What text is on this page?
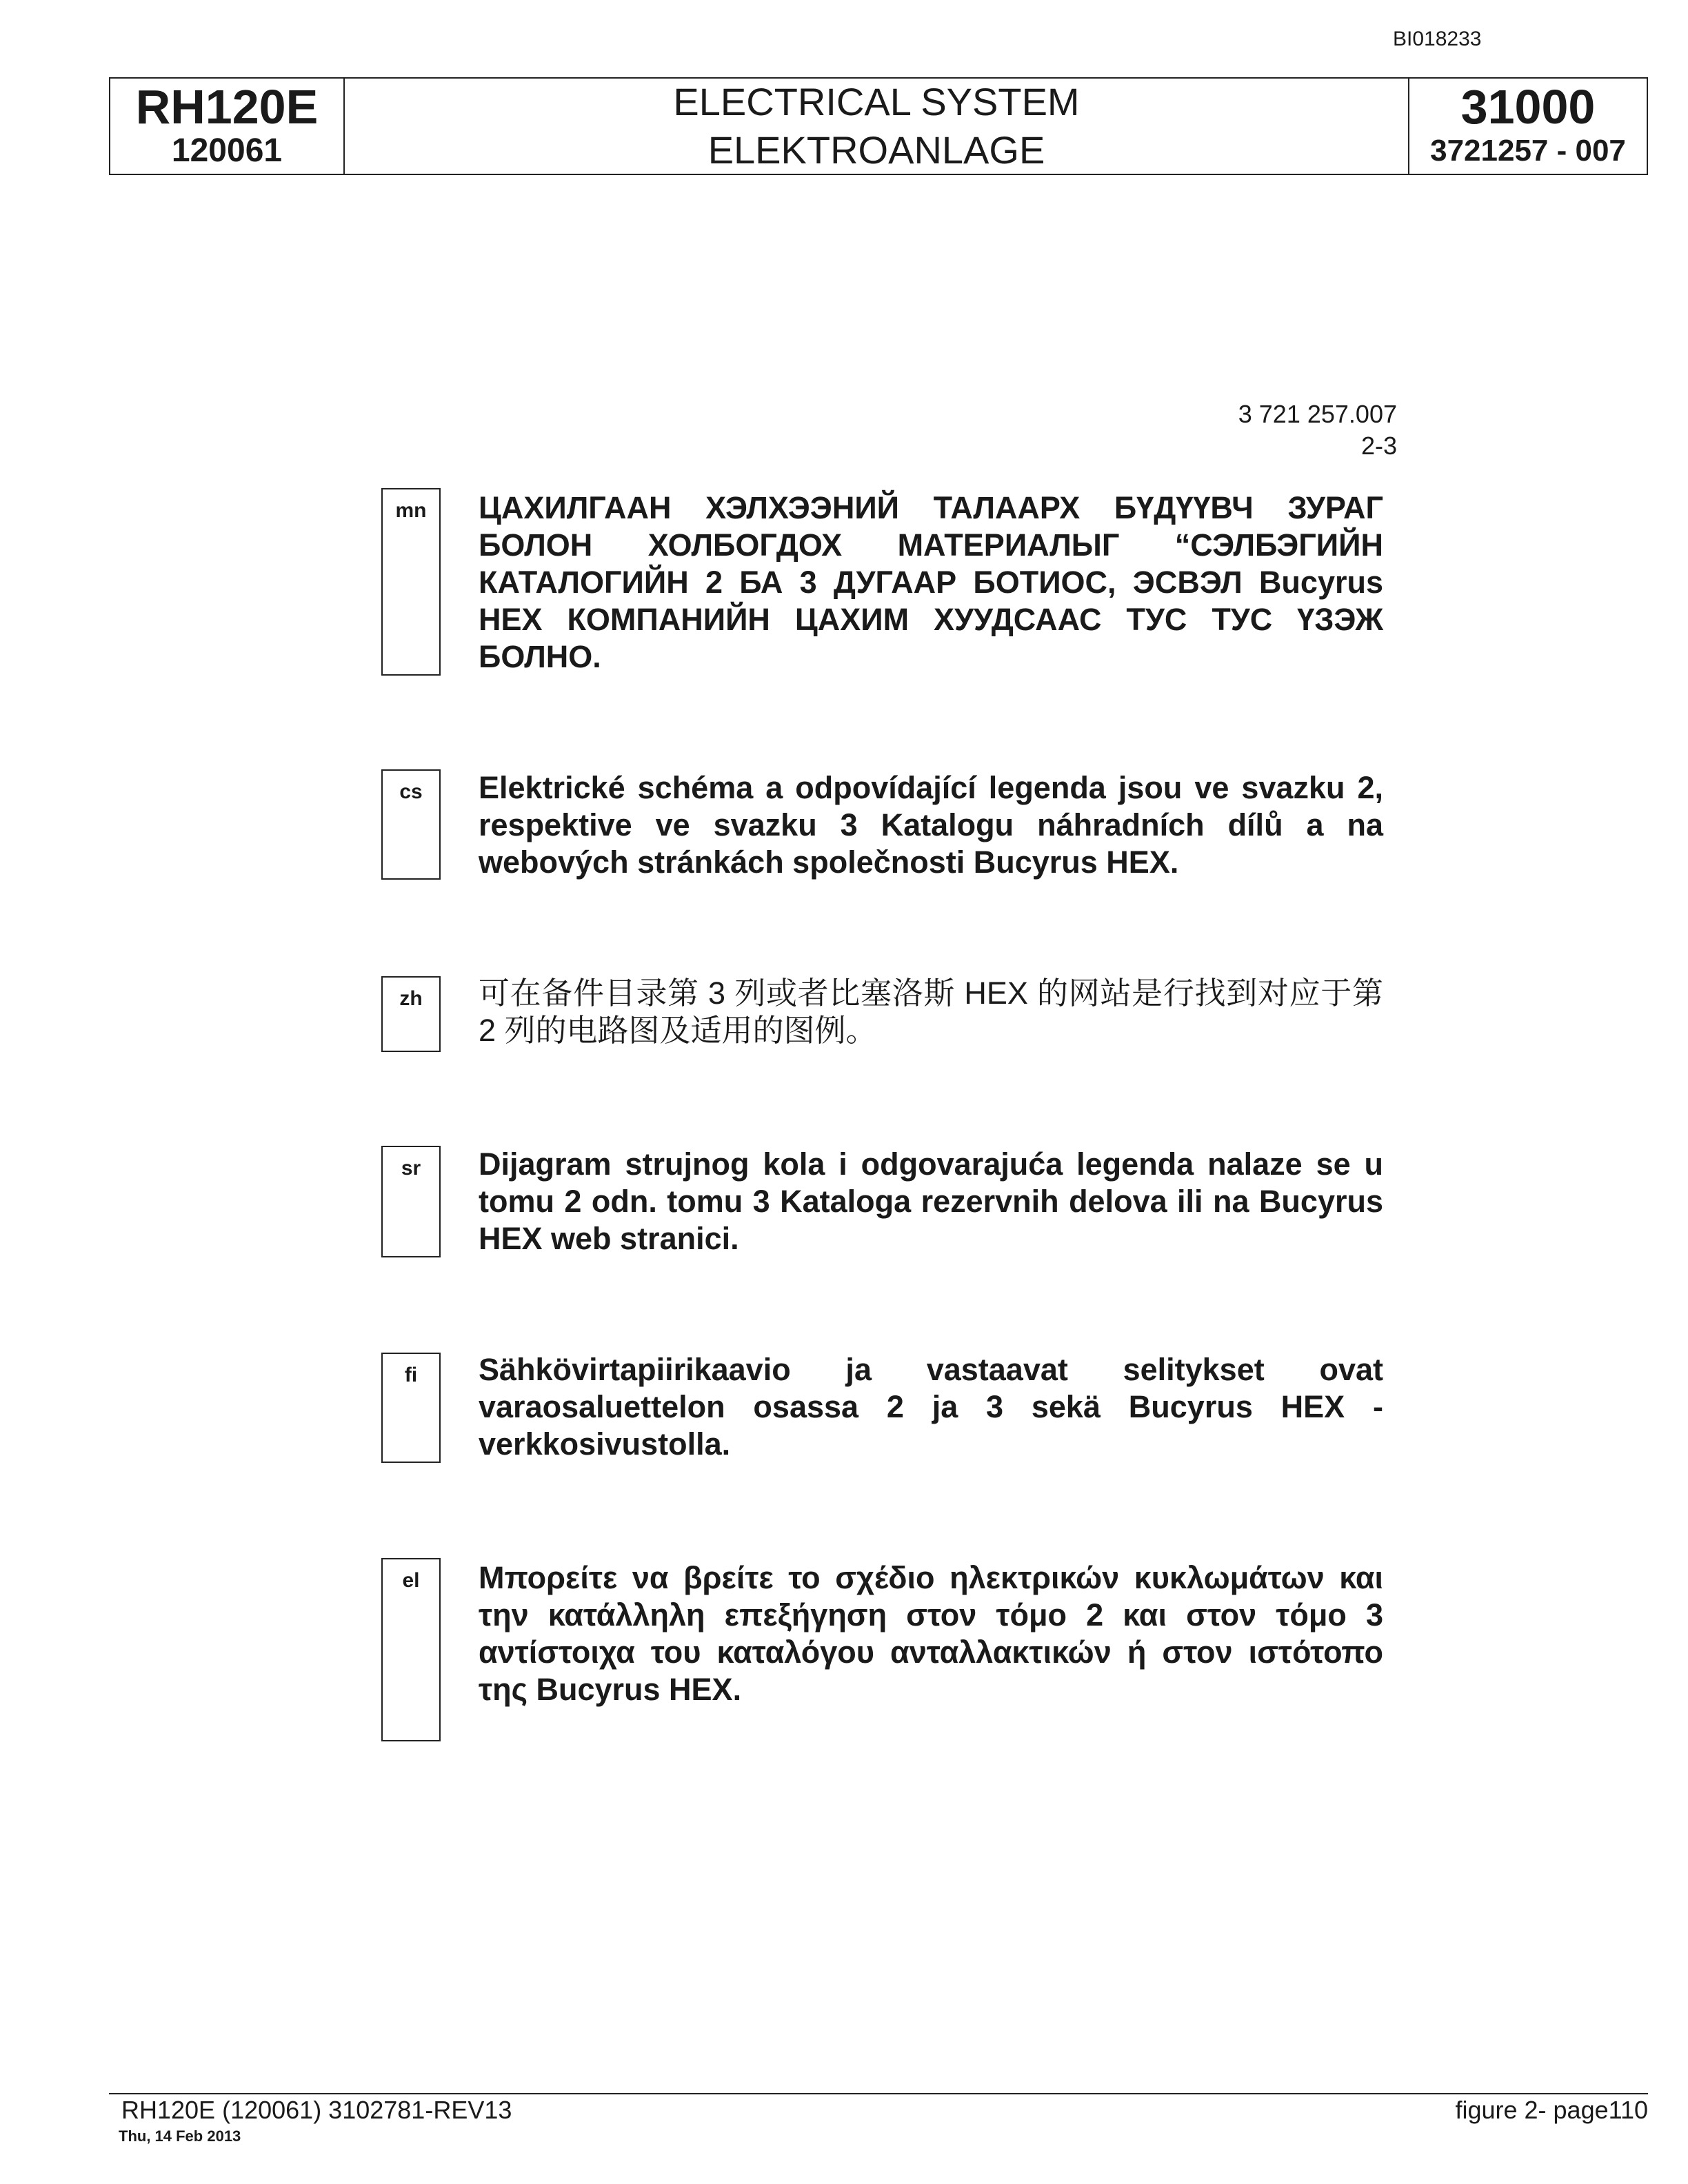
BI018233
RH120E
120061
ELECTRICAL SYSTEM
ELEKTROANLAGE
31000
3721257 - 007
3 721 257.007
2-3
mn	ЦАХИЛГААН ХЭЛХЭЭНИЙ ТАЛААРХ БҮДҮҮВЧ ЗУРАГ БОЛОН ХОЛБОГДОХ МАТЕРИАЛЫГ “СЭЛБЭГИЙН КАТАЛОГИЙН 2 БА 3 ДУГААР БОТИОС, ЭСВЭЛ Bucyrus HEX КОМПАНИЙН ЦАХИМ ХУУДСААС ТУС ТУС ҮЗЭЖ БОЛНО.
cs	Elektrické schéma a odpovídající legenda jsou ve svazku 2, respektive ve svazku 3 Katalogu náhradních dílů a na webových stránkách společnosti Bucyrus HEX.
zh	可在备件目录第 3 列或者比塞洛斯 HEX 的网站是行找到对应于第 2 列的电路图及适用的图例。
sr	Dijagram strujnog kola i odgovarajuća legenda nalaze se u tomu 2 odn. tomu 3 Kataloga rezervnih delova ili na Bucyrus HEX web stranici.
fi	Sähkövirtapiirikaavio ja vastaavat selitykset ovat varaosaluettelon osassa 2 ja 3 sekä Bucyrus HEX -verkkosivustolla.
el	Μπορείτε να βρείτε το σχέδιο ηλεκτρικών κυκλωμάτων και την κατάλληλη επεξήγηση στον τόμο 2 και στον τόμο 3 αντίστοιχα του καταλόγου ανταλλακτικών ή στον ιστότοπο της Bucyrus HEX.
RH120E (120061) 3102781-REV13
Thu, 14 Feb 2013
figure 2- page110
